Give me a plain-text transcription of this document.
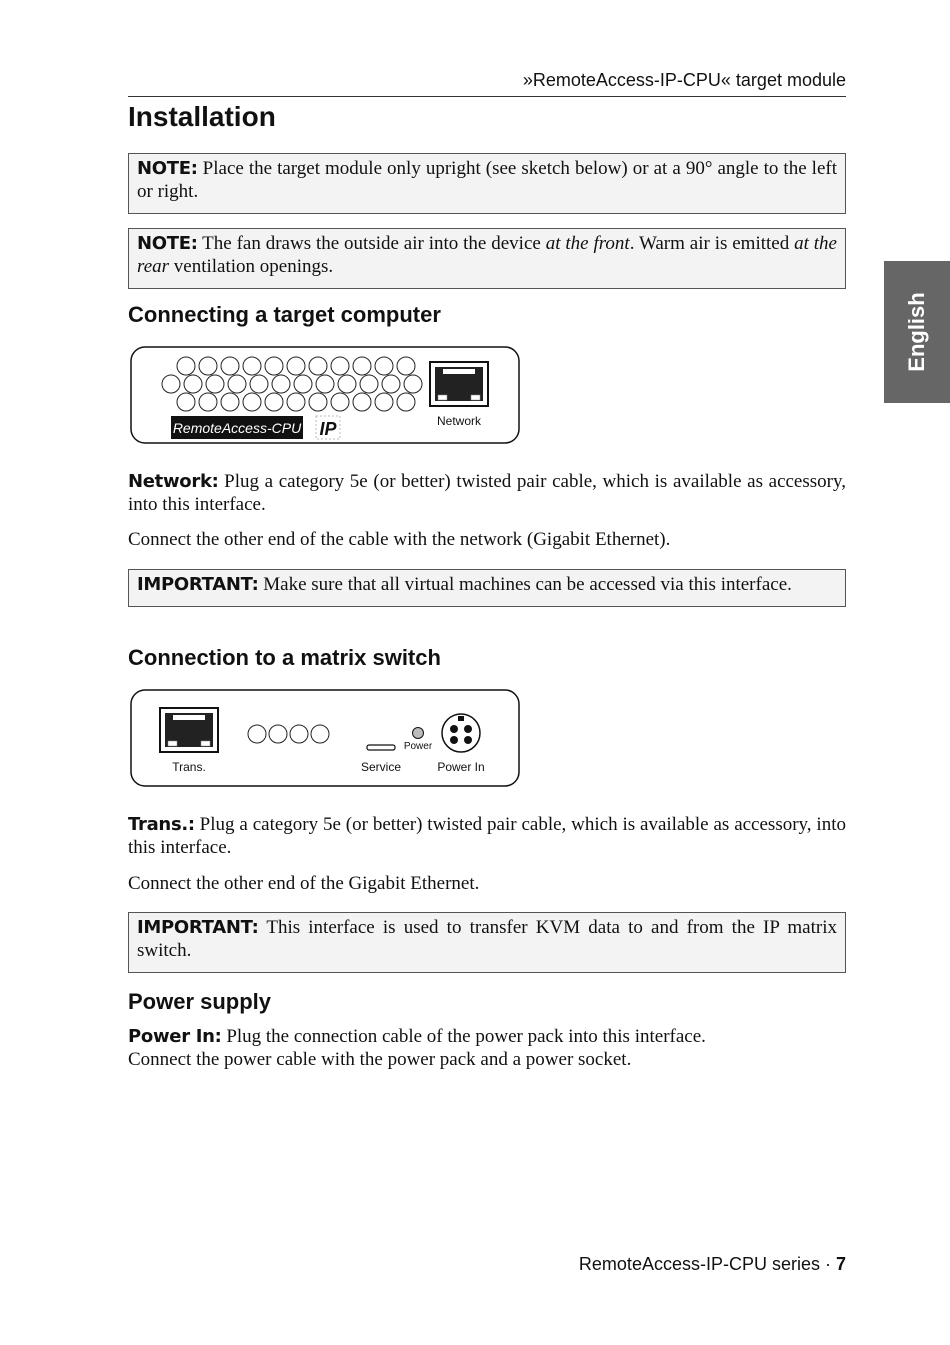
»RemoteAccess-IP-CPU« target module
Installation
English
NOTE: Place the target module only upright (see sketch below) or at a 90° angle to the left or right.
NOTE: The fan draws the outside air into the device at the front. Warm air is emitted at the rear ventilation openings.
Connecting a target computer
RemoteAccess-CPU IP	Network

Network: Plug a category 5e (or better) twisted pair cable, which is available as accessory, into this interface.

Connect the other end of the cable with the network (Gigabit Ethernet).

IMPORTANT: Make sure that all virtual machines can be accessed via this interface.
Connection to a matrix switch
Trans.	Service
Power
Power In

Trans.: Plug a category 5e (or better) twisted pair cable, which is available as accessory, into this interface.

Connect the other end of the Gigabit Ethernet.

IMPORTANT: This interface is used to transfer KVM data to and from the IP matrix switch.
Power supply

Power In: Plug the connection cable of the power pack into this interface.
Connect the power cable with the power pack and a power socket.

RemoteAccess-IP-CPU series · 7
